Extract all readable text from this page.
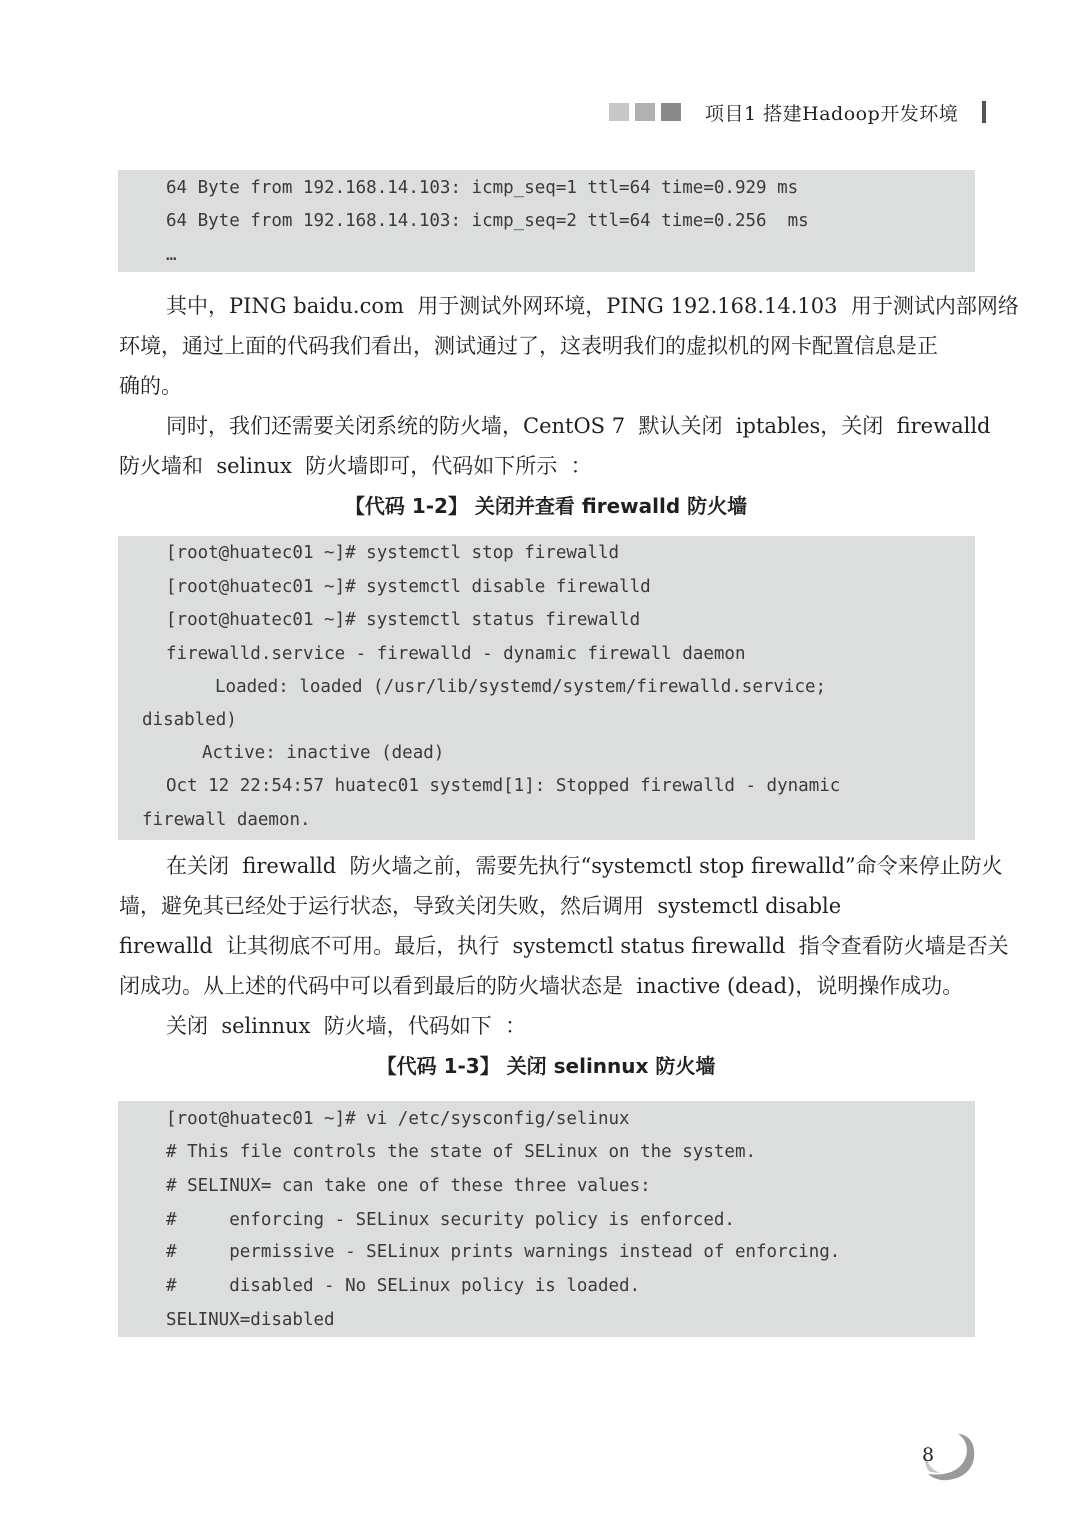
项目1 搭建Hadoop开发环境
64 Byte from 192.168.14.103: icmp_seq=1 ttl=64 time=0.929 ms
64 Byte from 192.168.14.103: icmp_seq=2 ttl=64 time=0.256  ms
…
其中，PING baidu.com  用于测试外网环境，PING 192.168.14.103  用于测试内部网络
环境，通过上面的代码我们看出，测试通过了，这表明我们的虚拟机的网卡配置信息是正
确的。
同时，我们还需要关闭系统的防火墙，CentOS 7  默认关闭  iptables，关闭  firewalld
防火墙和  selinux  防火墙即可，代码如下所示  ：
【代码 1-2】 关闭并查看 firewalld 防火墙
[root@huatec01 ~]# systemctl stop firewalld
[root@huatec01 ~]# systemctl disable firewalld
[root@huatec01 ~]# systemctl status firewalld
firewalld.service - firewalld - dynamic firewall daemon
Loaded: loaded (/usr/lib/systemd/system/firewalld.service;
disabled)
Active: inactive (dead)
Oct 12 22:54:57 huatec01 systemd[1]: Stopped firewalld - dynamic
firewall daemon.
在关闭  firewalld  防火墙之前，需要先执行“systemctl stop firewalld”命令来停止防火
墙，避免其已经处于运行状态，导致关闭失败，然后调用  systemctl disable
firewalld  让其彻底不可用。最后，执行  systemctl status firewalld  指令查看防火墙是否关
闭成功。从上述的代码中可以看到最后的防火墙状态是  inactive (dead)，说明操作成功。
关闭  selinnux  防火墙，代码如下  ：
【代码 1-3】 关闭 selinnux 防火墙
[root@huatec01 ~]# vi /etc/sysconfig/selinux
# This file controls the state of SELinux on the system.
# SELINUX= can take one of these three values:
#     enforcing - SELinux security policy is enforced.
#     permissive - SELinux prints warnings instead of enforcing.
#     disabled - No SELinux policy is loaded.
SELINUX=disabled
8
